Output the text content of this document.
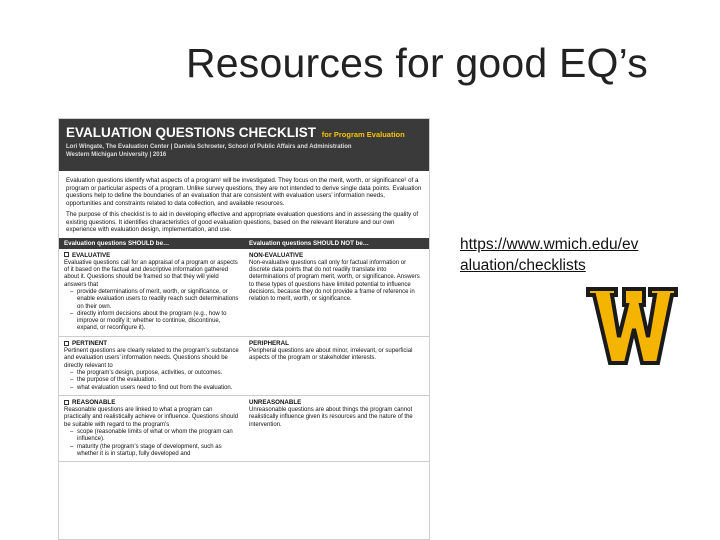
Resources for good EQ’s
EVALUATION QUESTIONS CHECKLIST for Program Evaluation
Lori Wingate, The Evaluation Center | Daniela Schroeter, School of Public Affairs and Administration
Western Michigan University | 2016

Evaluation questions identify what aspects of a program¹ will be investigated. They focus on the merit, worth, or significance² of a program or particular aspects of a program. Unlike survey questions, they are not intended to derive single data points. Evaluation questions help to define the boundaries of an evaluation that are consistent with evaluation users’ information needs, opportunities and constraints related to data collection, and available resources.

The purpose of this checklist is to aid in developing effective and appropriate evaluation questions and in assessing the quality of existing questions. It identifies characteristics of good evaluation questions, based on the relevant literature and our own experience with evaluation design, implementation, and use.

Evaluation questions SHOULD be…	Evaluation questions SHOULD NOT be…
EVALUATIVE
Evaluative questions call for an appraisal of a program or aspects of it based on the factual and descriptive information gathered about it. Questions should be framed so that they will yield answers that
– provide determinations of merit, worth, or significance, or enable evaluation users to readily reach such determinations on their own.
– directly inform decisions about the program (e.g., how to improve or modify it; whether to continue, discontinue, expand, or reconfigure it).
NON-EVALUATIVE
Non-evaluative questions call only for factual information or discrete data points that do not readily translate into determinations of program merit, worth, or significance. Answers to these types of questions have limited potential to influence decisions, because they do not provide a frame of reference in relation to merit, worth, or significance.
PERTINENT
Pertinent questions are clearly related to the program’s substance and evaluation users’ information needs. Questions should be directly relevant to
– the program’s design, purpose, activities, or outcomes.
– the purpose of the evaluation.
– what evaluation users need to find out from the evaluation.
PERIPHERAL
Peripheral questions are about minor, irrelevant, or superficial aspects of the program or stakeholder interests.
REASONABLE
Reasonable questions are linked to what a program can practically and realistically achieve or influence. Questions should be suitable with regard to the program’s
– scope (reasonable limits of what or whom the program can influence).
– maturity (the program’s stage of development, such as whether it is in startup, fully developed and
UNREASONABLE
Unreasonable questions are about things the program cannot realistically influence given its resources and the nature of the intervention.
https://www.wmich.edu/ev
aluation/checklists
